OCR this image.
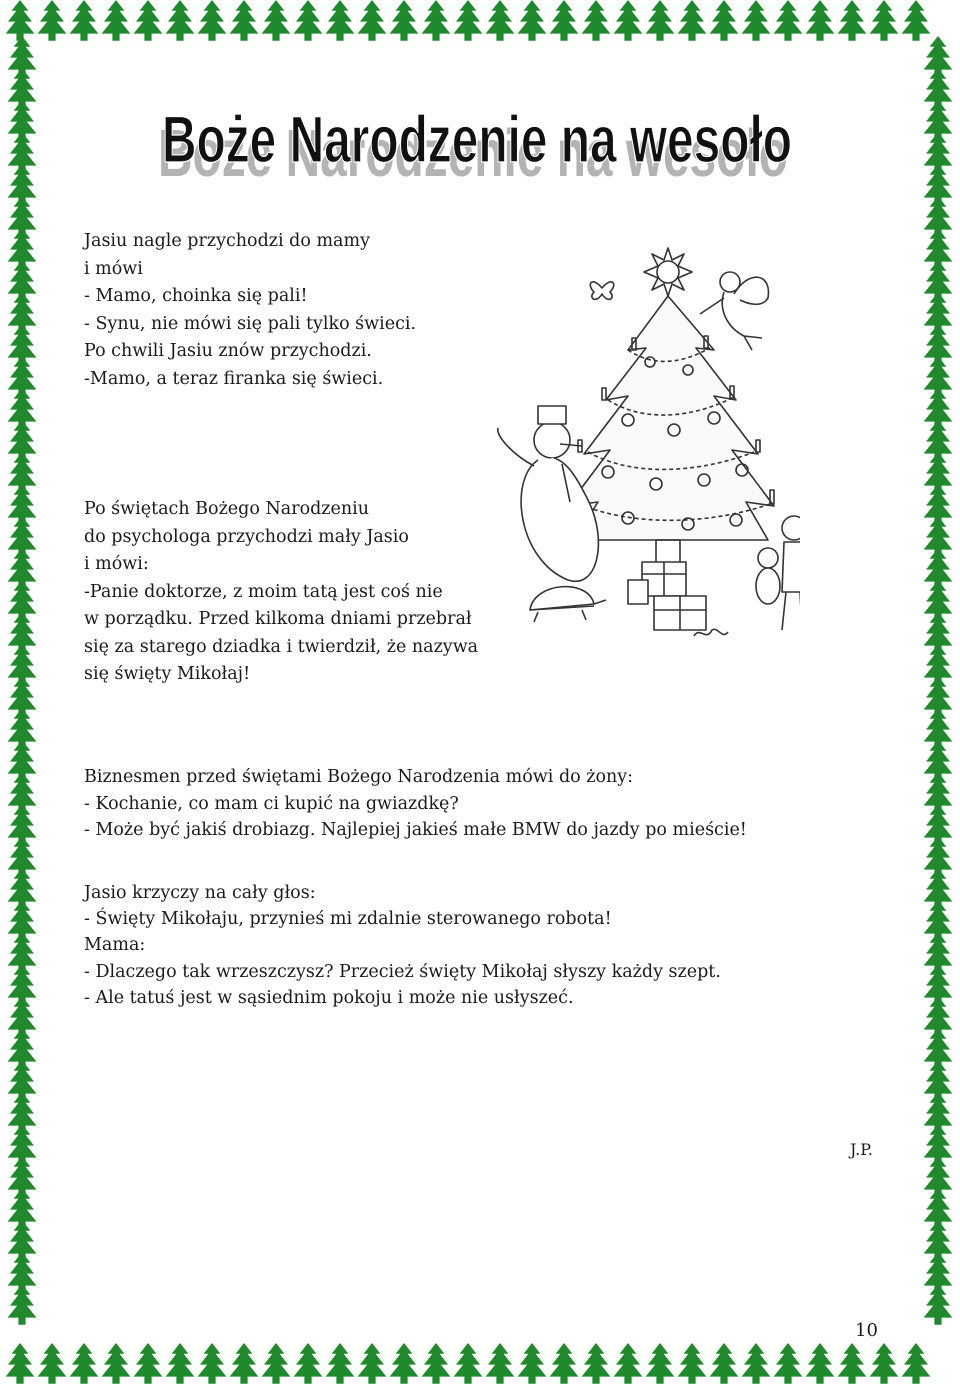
Boże Narodzenie na wesoło
Boże Narodzenie na wesoło

Jasiu nagle przychodzi do mamy

i mówi

- Mamo, choinka się pali!

- Synu, nie mówi się pali tylko świeci.

Po chwili Jasiu znów przychodzi.

-Mamo, a teraz firanka się świeci.

Po świętach Bożego Narodzeniu

do psychologa przychodzi mały Jasio

i mówi:

-Panie doktorze, z moim tatą jest coś nie

w porządku. Przed kilkoma dniami przebrał

się za starego dziadka i twierdził, że nazywa

się święty Mikołaj!

Biznesmen przed świętami Bożego Narodzenia mówi do żony:

- Kochanie, co mam ci kupić na gwiazdkę?

- Może być jakiś drobiazg. Najlepiej jakieś małe BMW do jazdy po mieście!

Jasio krzyczy na cały głos:

- Święty Mikołaju, przynieś mi zdalnie sterowanego robota!

Mama:

- Dlaczego tak wrzeszczysz? Przecież święty Mikołaj słyszy każdy szept.

- Ale tatuś jest w sąsiednim pokoju i może nie usłyszeć.

J.P.
10
